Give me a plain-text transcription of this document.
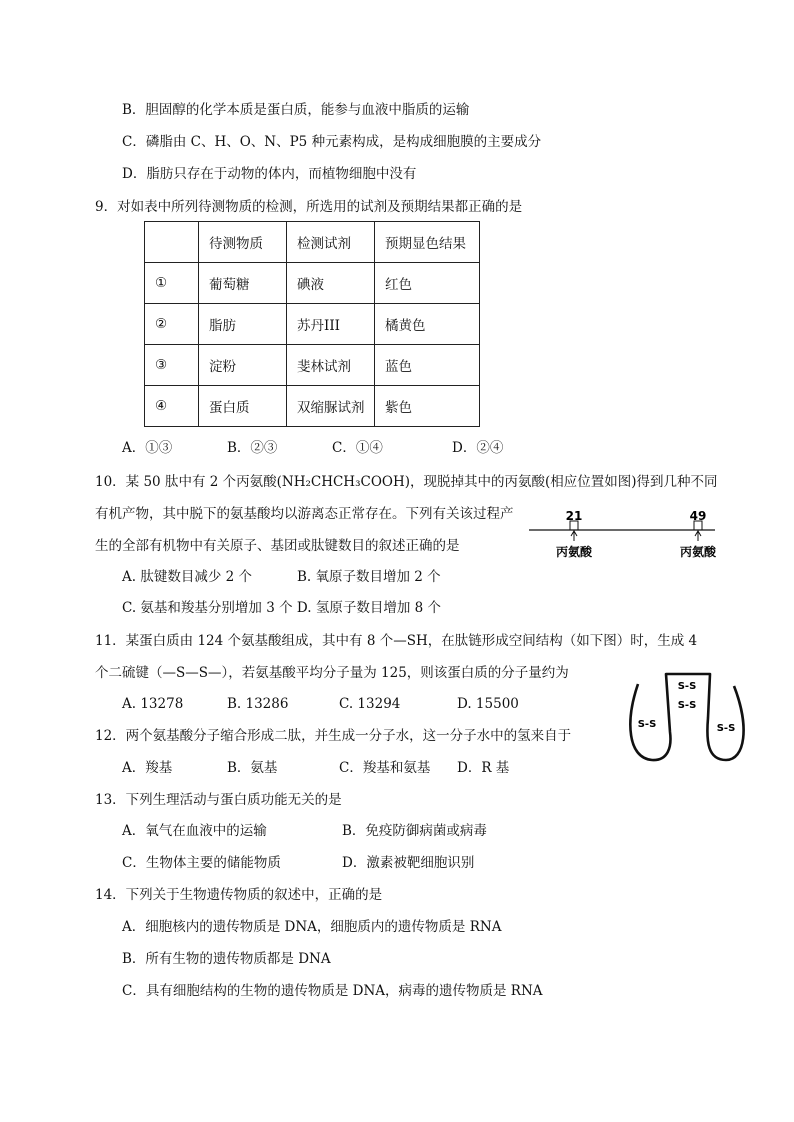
B．胆固醇的化学本质是蛋白质，能参与血液中脂质的运输
C．磷脂由 C、H、O、N、P5 种元素构成，是构成细胞膜的主要成分
D．脂肪只存在于动物的体内，而植物细胞中没有
9．对如表中所列待测物质的检测，所选用的试剂及预期结果都正确的是
	待测物质	检测试剂	预期显色结果
①	葡萄糖	碘液	红色
②	脂肪	苏丹III	橘黄色
③	淀粉	斐林试剂	蓝色
④	蛋白质	双缩脲试剂	紫色
A．①③	B．②③	C．①④	D．②④
10．某 50 肽中有 2 个丙氨酸(NH₂CHCH₃COOH)，现脱掉其中的丙氨酸(相应位置如图)得到几种不同
有机产物，其中脱下的氨基酸均以游离态正常存在。下列有关该过程产
生的全部有机物中有关原子、基团或肽键数目的叙述正确的是
21
丙氨酸
49
丙氨酸
A. 肽键数目减少 2 个	B. 氧原子数目增加 2 个
C. 氨基和羧基分别增加 3 个 D. 氢原子数目增加 8 个
11．某蛋白质由 124 个氨基酸组成，其中有 8 个—SH，在肽链形成空间结构（如下图）时，生成 4
个二硫键（—S—S—），若氨基酸平均分子量为 125，则该蛋白质的分子量约为
A. 13278	B. 13286	C. 13294	D. 15500
S-S
S-S
S-S	S-S
12．两个氨基酸分子缩合形成二肽，并生成一分子水，这一分子水中的氢来自于
A．羧基	B．氨基	C．羧基和氨基 D．R 基
13．下列生理活动与蛋白质功能无关的是
A．氧气在血液中的运输	B．免疫防御病菌或病毒
C．生物体主要的储能物质	D．激素被靶细胞识别
14．下列关于生物遗传物质的叙述中，正确的是
A．细胞核内的遗传物质是 DNA，细胞质内的遗传物质是 RNA
B．所有生物的遗传物质都是 DNA
C．具有细胞结构的生物的遗传物质是 DNA，病毒的遗传物质是 RNA
